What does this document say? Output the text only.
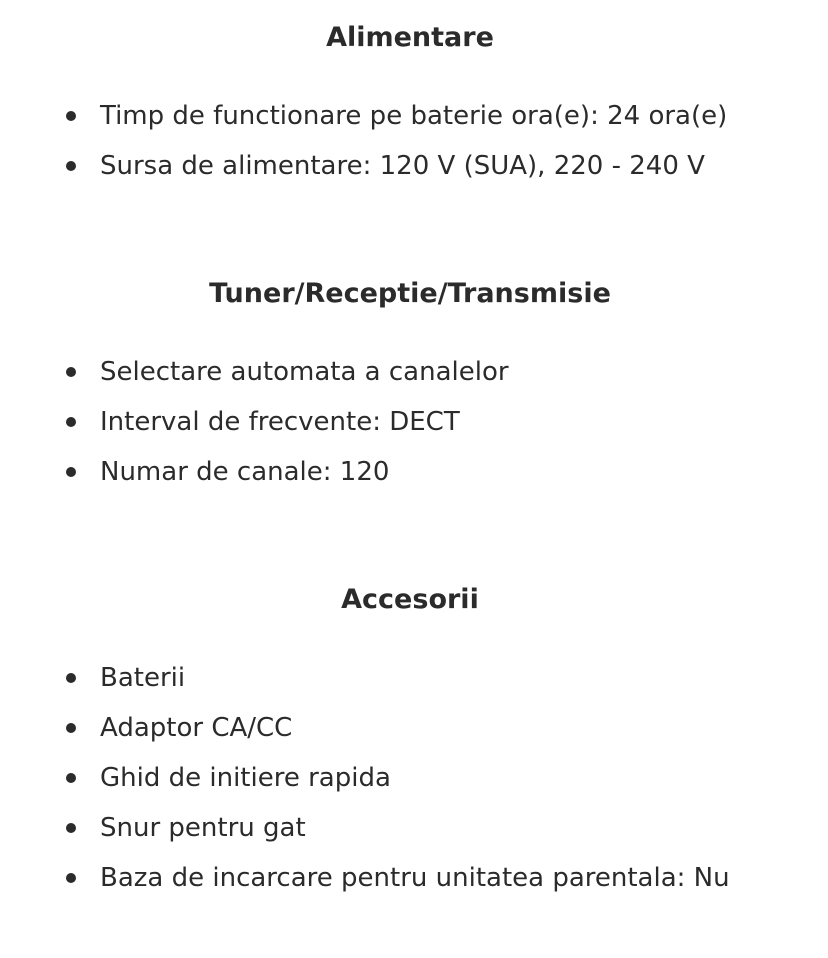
Alimentare
Timp de functionare pe baterie ora(e): 24 ora(e)
Sursa de alimentare: 120 V (SUA), 220 - 240 V
Tuner/Receptie/Transmisie
Selectare automata a canalelor
Interval de frecvente: DECT
Numar de canale: 120
Accesorii
Baterii
Adaptor CA/CC
Ghid de initiere rapida
Snur pentru gat
Baza de incarcare pentru unitatea parentala: Nu
